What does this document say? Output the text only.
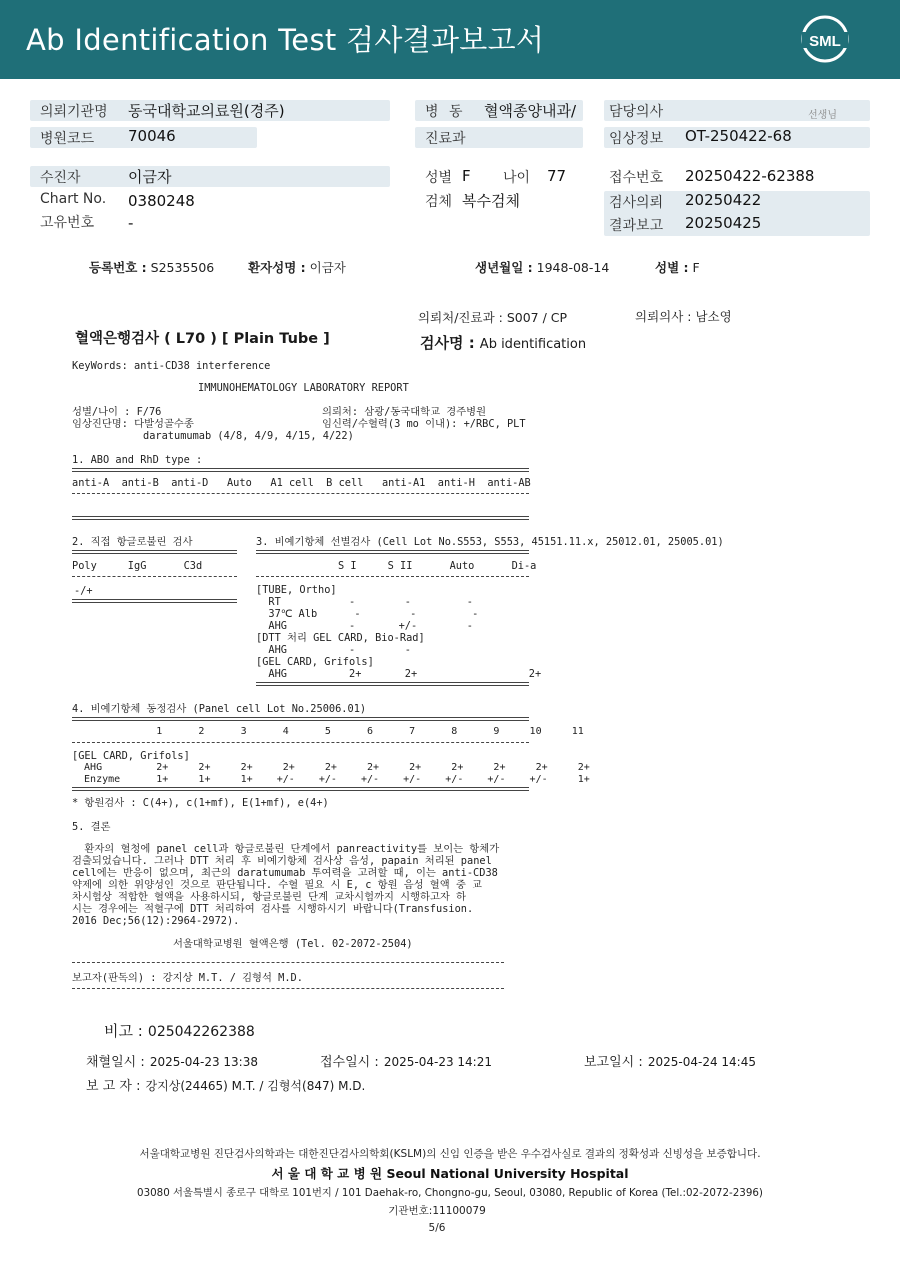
Ab Identification Test 검사결과보고서	SML
의뢰기관명 동국대학교의료원(경주)	병 동 혈액종양내과/ 담당의사	선생님
병원코드 70046	진료과	임상정보 OT-250422-68
수진자	이금자	성별 F 나이 77	접수번호 20250422-62388
Chart No. 0380248	검체 복수검체	검사의뢰 20250422
고유번호 -	결과보고 20250425
등록번호 : S2535506	환자성명 : 이금자	생년월일 : 1948-08-14	성별 : F
의뢰처/진료과 : S007 / CP	의뢰의사 : 남소영
혈액은행검사 ( L70 ) [ Plain Tube ]	검사명 : Ab identification
KeyWords: anti-CD38 interference
IMMUNOHEMATOLOGY LABORATORY REPORT
성별/나이 : F/76	의뢰처: 삼광/동국대학교 경주병원
임상진단명: 다발성골수종	임신력/수혈력(3 mo 이내): +/RBC, PLT
daratumumab (4/8, 4/9, 4/15, 4/22)
1. ABO and RhD type :
anti-A  anti-B  anti-D   Auto   A1 cell  B cell   anti-A1  anti-H  anti-AB
2. 직접 항글로불린 검사
Poly     IgG      C3d
-/+
3. 비예기항체 선별검사 (Cell Lot No.S553, S553, 45151.11.x, 25012.01, 25005.01)
S I     S II      Auto      Di-a
[TUBE, Ortho]
RT           -        -         -
37℃ Alb      -        -         -
AHG          -       +/-        -
[DTT 처리 GEL CARD, Bio-Rad]
AHG          -        -
[GEL CARD, Grifols]
AHG          2+       2+                  2+
4. 비예기항체 동정검사 (Panel cell Lot No.25006.01)
1      2      3      4      5      6      7      8      9     10     11
[GEL CARD, Grifols]
AHG         2+     2+     2+     2+     2+     2+     2+     2+     2+     2+     2+
Enzyme      1+     1+     1+    +/-    +/-    +/-    +/-    +/-    +/-    +/-     1+
* 항원검사 : C(4+), c(1+mf), E(1+mf), e(4+)
5. 결론
환자의 혈청에 panel cell과 항글로불린 단계에서 panreactivity를 보이는 항체가
검출되었습니다. 그러나 DTT 처리 후 비예기항체 검사상 음성, papain 처리된 panel
cell에는 반응이 없으며, 최근의 daratumumab 투여력을 고려할 때, 이는 anti-CD38
약제에 의한 위양성인 것으로 판단됩니다. 수혈 필요 시 E, c 항원 음성 혈액 중 교
차시험상 적합한 혈액을 사용하시되, 항글로불린 단계 교차시험까지 시행하고자 하
시는 경우에는 적혈구에 DTT 처리하여 검사를 시행하시기 바랍니다(Transfusion.
2016 Dec;56(12):2964-2972).
서울대학교병원 혈액은행 (Tel. 02-2072-2504)
보고자(판독의) : 강지상 M.T. / 김형석 M.D.
비고 : 025042262388
채혈일시 : 2025-04-23 13:38	접수일시 : 2025-04-23 14:21	보고일시 : 2025-04-24 14:45
보 고 자 : 강지상(24465) M.T. / 김형석(847) M.D.
서울대학교병원 진단검사의학과는 대한진단검사의학회(KSLM)의 신임 인증을 받은 우수검사실로 결과의 정확성과 신빙성을 보증합니다.
서 울 대 학 교 병 원 Seoul National University Hospital
03080 서울특별시 종로구 대학로 101번지 / 101 Daehak-ro, Chongno-gu, Seoul, 03080, Republic of Korea (Tel.:02-2072-2396)
기관번호:11100079
5/6
